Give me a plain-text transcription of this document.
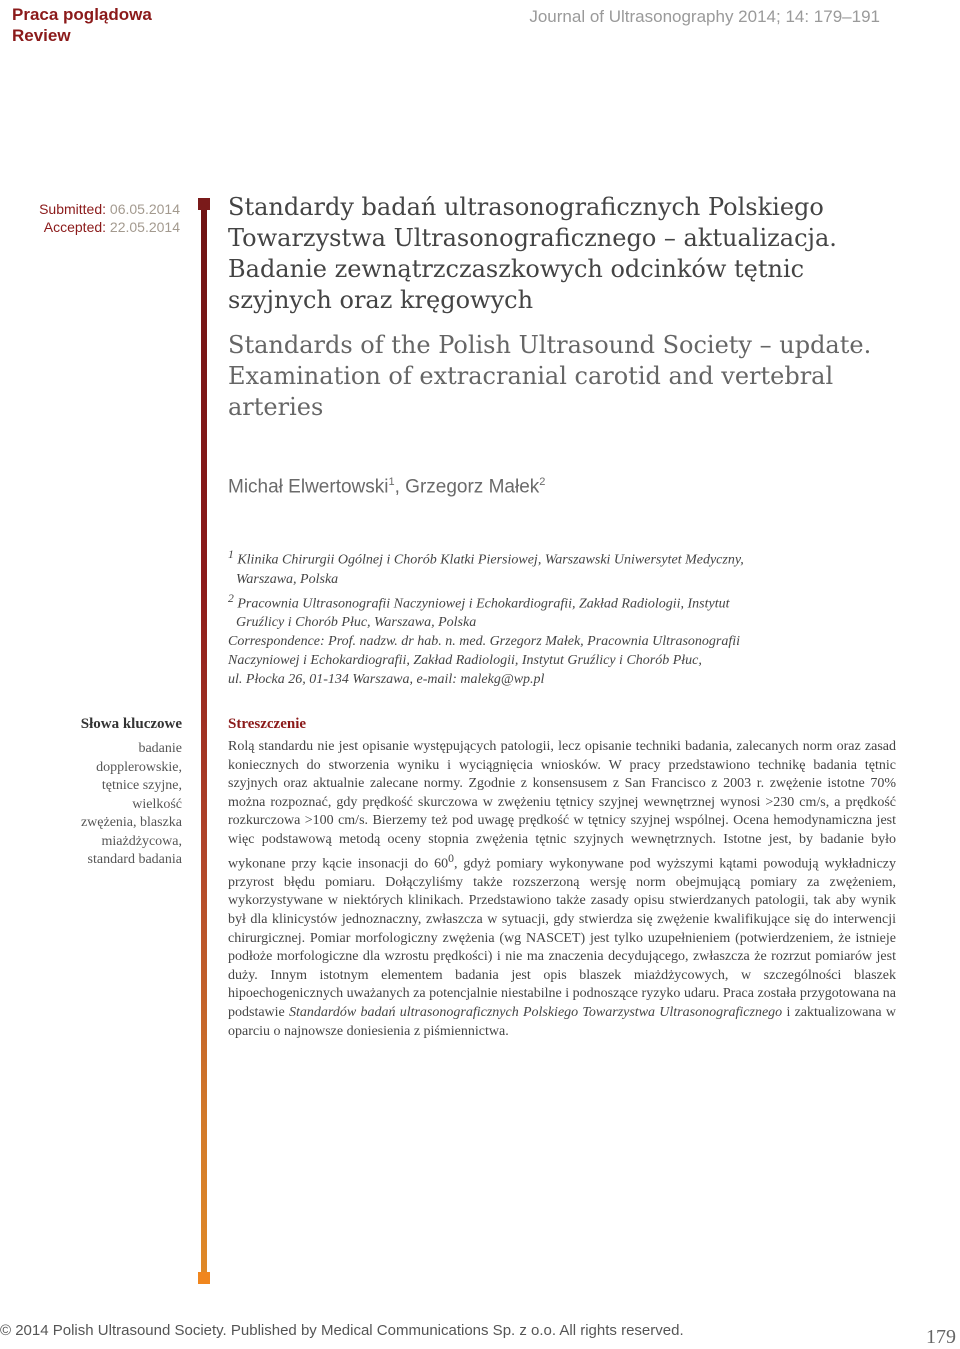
Praca poglądowa
Review
Journal of Ultrasonography 2014; 14: 179–191
Submitted: 06.05.2014
Accepted: 22.05.2014
Standardy badań ultrasonograficznych Polskiego
Towarzystwa Ultrasonograficznego – aktualizacja.
Badanie zewnątrzczaszkowych odcinków tętnic
szyjnych oraz kręgowych
Standards of the Polish Ultrasound Society – update.
Examination of extracranial carotid and vertebral
arteries
Michał Elwertowski$^1$, Grzegorz Małek$^2$

$^1$ Klinika Chirurgii Ogólnej i Chorób Klatki Piersiowej, Warszawski Uniwersytet Medyczny,

Warszawa, Polska

$^2$ Pracownia Ultrasonografii Naczyniowej i Echokardiografii, Zakład Radiologii, Instytut

Gruźlicy i Chorób Płuc, Warszawa, Polska

Correspondence: Prof. nadzw. dr hab. n. med. Grzegorz Małek, Pracownia Ultrasonografii

Naczyniowej i Echokardiografii, Zakład Radiologii, Instytut Gruźlicy i Chorób Płuc,

ul. Płocka 26, 01-134 Warszawa, e-mail: malekg@wp.pl

Słowa kluczowe
badanie
dopplerowskie,
tętnice szyjne,
wielkość
zwężenia, blaszka
miażdżycowa,
standard badania
Streszczenie
Rolą standardu nie jest opisanie występujących patologii, lecz opisanie techniki badania, zalecanych norm oraz zasad koniecznych do stworzenia wyniku i wyciągnięcia wniosków. W pracy przedstawiono technikę badania tętnic szyjnych oraz aktualnie zalecane normy. Zgodnie z konsensusem z San Francisco z 2003 r. zwężenie istotne 70% można rozpoznać, gdy prędkość skurczowa w zwężeniu tętnicy szyjnej wewnętrznej wynosi >230 cm/s, a prędkość rozkurczowa >100 cm/s. Bierzemy też pod uwagę prędkość w tętnicy szyjnej wspólnej. Ocena hemodynamiczna jest więc podstawową metodą oceny stopnia zwężenia tętnic szyjnych wewnętrznych. Istotne jest, by badanie było wykonane przy kącie insonacji do $60^0$, gdyż pomiary wykonywane pod wyższymi kątami powodują wykładniczy przyrost błędu pomiaru. Dołączyliśmy także rozszerzoną wersję norm obejmującą pomiary za zwężeniem, wykorzystywane w niektórych klinikach. Przedstawiono także zasady opisu stwierdzanych patologii, tak aby wynik był dla klinicystów jednoznaczny, zwłaszcza w sytuacji, gdy stwierdza się zwężenie kwalifikujące się do interwencji chirurgicznej. Pomiar morfologiczny zwężenia (wg NASCET) jest tylko uzupełnieniem (potwierdzeniem, że istnieje podłoże morfologiczne dla wzrostu prędkości) i nie ma znaczenia decydującego, zwłaszcza że rozrzut pomiarów jest duży. Innym istotnym elementem badania jest opis blaszek miażdżycowych, w szczególności blaszek hipoechogenicznych uważanych za potencjalnie niestabilne i podnoszące ryzyko udaru. Praca została przygotowana na podstawie Standardów badań ultrasonograficznych Polskiego Towarzystwa Ultrasonograficznego i zaktualizowana w oparciu o najnowsze doniesienia z piśmiennictwa.
© 2014 Polish Ultrasound Society. Published by Medical Communications Sp. z o.o. All rights reserved.	179
